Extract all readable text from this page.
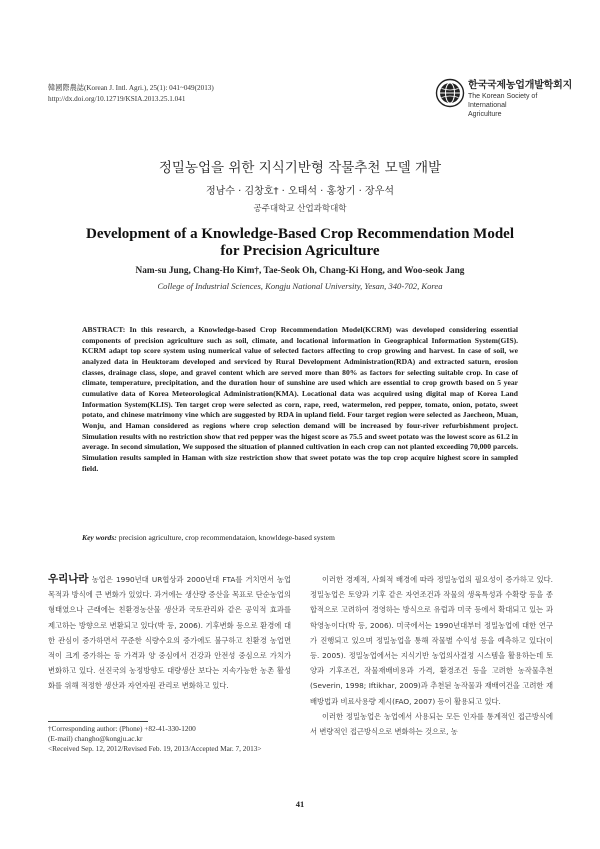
韓國際農誌(Korean J. Intl. Agri.), 25(1): 041~049(2013)
http://dx.doi.org/10.12719/KSIA.2013.25.1.041
한국국제농업개발학회지
The Korean Society of International
Agriculture
정밀농업을 위한 지식기반형 작물추천 모델 개발
정남수 · 김창호† · 오태석 · 홍창기 · 장우석
공주대학교 산업과학대학
Development of a Knowledge-Based Crop Recommendation Model
for Precision Agriculture
Nam-su Jung, Chang-Ho Kim†, Tae-Seok Oh, Chang-Ki Hong, and Woo-seok Jang
College of Industrial Sciences, Kongju National University, Yesan, 340-702, Korea
ABSTRACT: In this research, a Knowledge-based Crop Recommendation Model(KCRM) was developed considering essential components of precision agriculture such as soil, climate, and locational information in Geographical Information System(GIS). KCRM adapt top score system using numerical value of selected factors affecting to crop growing and harvest. In case of soil, we analyzed data in Heuktoram developed and serviced by Rural Development Administration(RDA) and extracted saturn, erosion classes, drainage class, slope, and gravel content which are served more than 80% as factors for selecting suitable crop. In case of climate, temperature, precipitation, and the duration hour of sunshine are used which are essential to crop growth based on 5 year cumulative data of Korea Meteorological Administration(KMA). Locational data was acquired using digital map of Korea Land Information System(KLIS). Ten target crop were selected as corn, rape, reed, watermelon, red pepper, tomato, onion, potato, sweet potato, and chinese matrimony vine which are suggested by RDA in upland field. Four target region were selected as Jaecheon, Muan, Wonju, and Haman considered as regions where crop selection demand will be increased by four-river refurbishment project. Simulation results with no restriction show that red pepper was the higest score as 75.5 and sweet potato was the lowest score as 61.2 in average. In second simulation, We supposed the situation of planned cultivation in each crop can not planted exceeding 70,000 parcels. Simulation results sampled in Haman with size restriction show that sweet potato was the top crop acquire highest score in sampled field.
Key words: precision agriculture, crop recommendataion, knowldege-based system

우리나라 농업은 1990년대 UR협상과 2000년대 FTA를 거치면서 농업목적과 방식에 큰 변화가 있었다. 과거에는 생산량 증산을 목표로 단순농업의 형태였으나 근래에는 친환경농산물 생산과 국토관리와 같은 공익적 효과를 제고하는 방향으로 변환되고 있다(박 등, 2006). 기후변화 등으로 환경에 대한 관심이 증가하면서 꾸준한 식량수요의 증가에도 불구하고 친환경 농업면적이 크게 증가하는 등 가격과 양 중심에서 건강과 안전성 중심으로 가치가 변화하고 있다. 선진국의 농정방향도 대량생산 보다는 지속가능한 농촌 활성화를 위해 적정한 생산과 자연자원 관리로 변화하고 있다.

이러한 경제적, 사회적 배경에 따라 정밀농업의 필요성이 증가하고 있다. 정밀농업은 토양과 기후 같은 자연조건과 작물의 생육특성과 수확량 등을 종합적으로 고려하여 경영하는 방식으로 유럽과 미국 등에서 확대되고 있는 과학영농이다(박 등, 2006). 미국에서는 1990년대부터 정밀농업에 대한 연구가 진행되고 있으며 정밀농업을 통해 작물별 수익성 등을 예측하고 있다(이 등. 2005). 정밀농업에서는 지식기반 농업의사결정 시스템을 활용하는데 토양과 기후조건, 작물재배비용과 가격, 환경조건 등을 고려한 농작물추천(Severin, 1998; Iftikhar, 2009)과 추천된 농작물과 재배여건을 고려한 재배방법과 비료사용량 제시(FAO, 2007) 등이 활용되고 있다.

이러한 정밀농업은 농업에서 사용되는 모든 인자를 통계적인 접근방식에서 변량적인 접근방식으로 변화하는 것으로, 농

†Corresponding author: (Phone) +82-41-330-1200
(E-mail) changho@kongju.ac.kr
<Received Sep. 12, 2012/Revised Feb. 19, 2013/Accepted Mar. 7, 2013>
41
